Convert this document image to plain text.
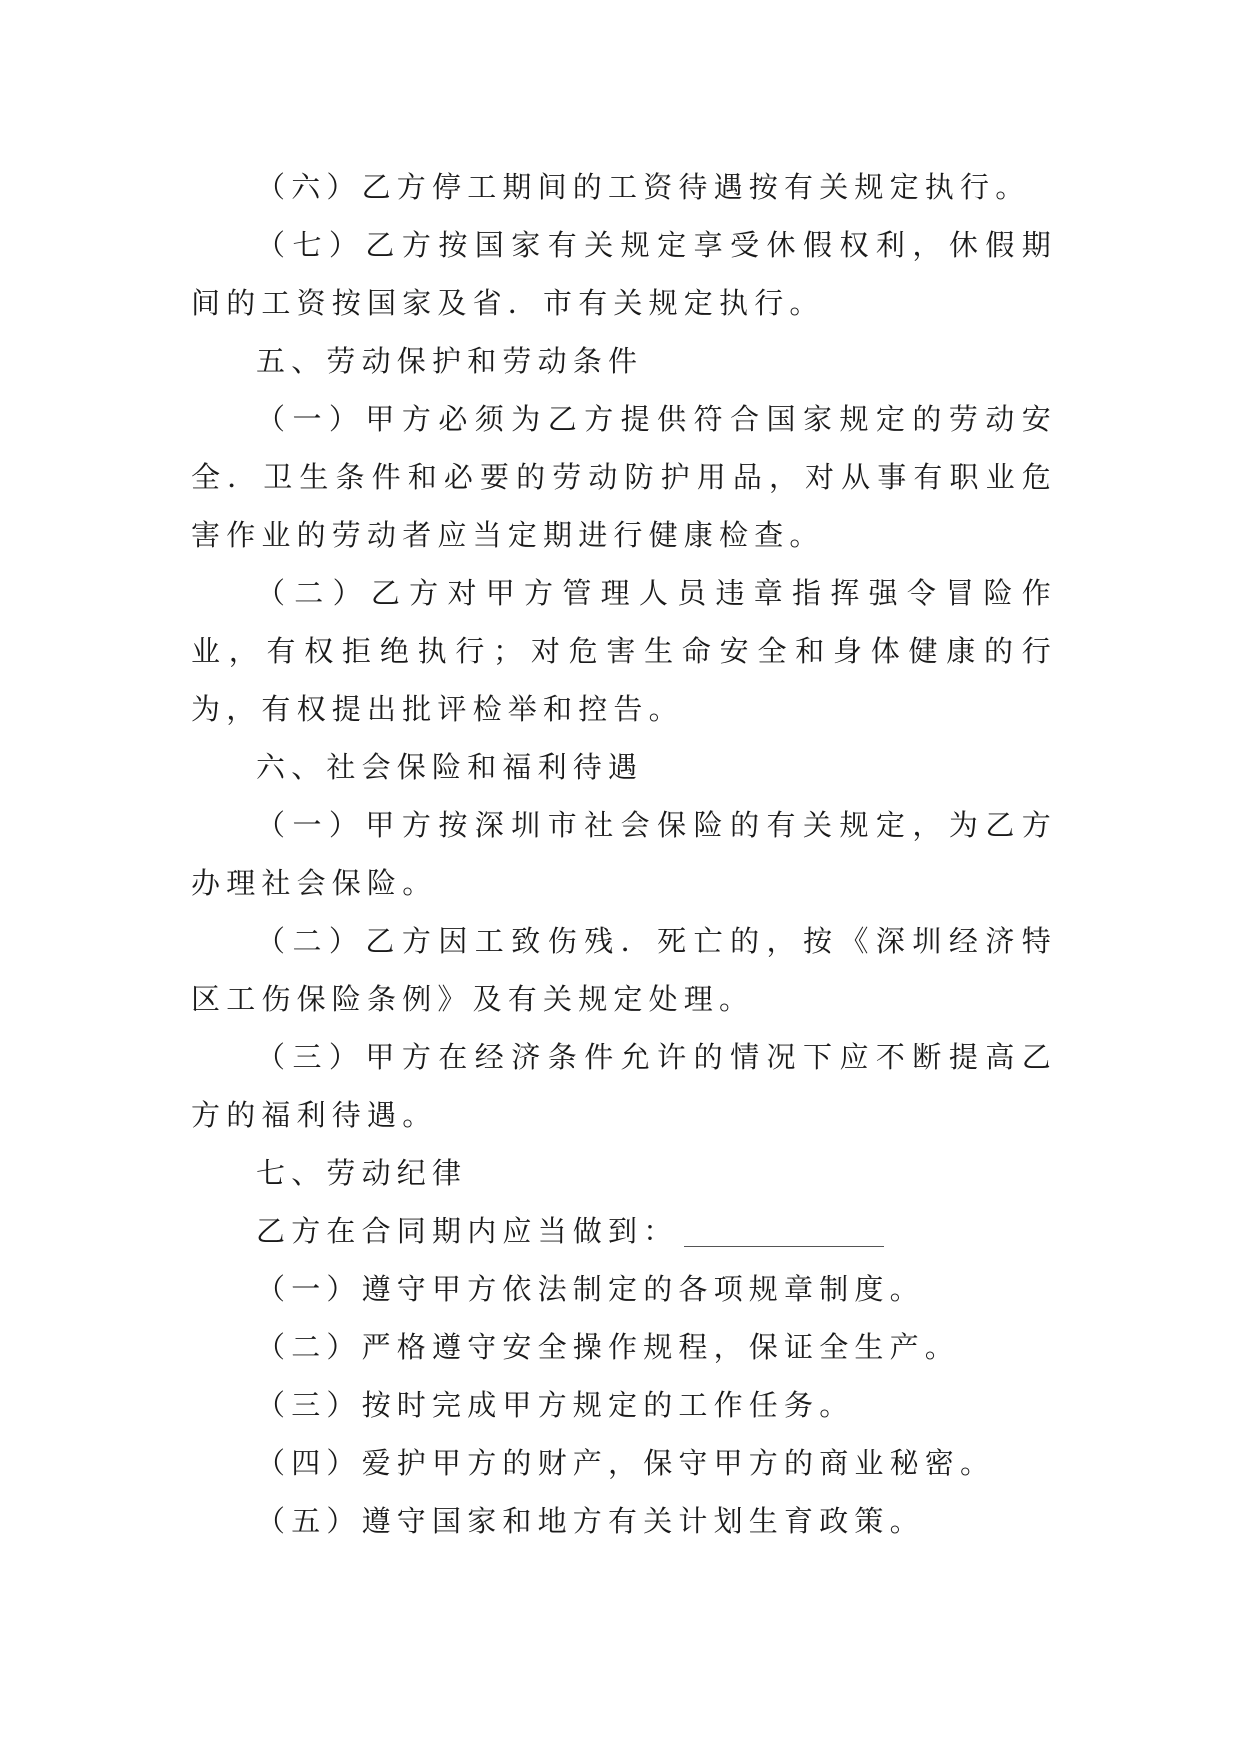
（六）乙方停工期间的工资待遇按有关规定执行。

（七）乙方按国家有关规定享受休假权利，休假期间的工资按国家及省．市有关规定执行。

五、劳动保护和劳动条件

（一）甲方必须为乙方提供符合国家规定的劳动安全．卫生条件和必要的劳动防护用品，对从事有职业危害作业的劳动者应当定期进行健康检查。

（二）乙方对甲方管理人员违章指挥强令冒险作业，有权拒绝执行；对危害生命安全和身体健康的行为，有权提出批评检举和控告。

六、社会保险和福利待遇

（一）甲方按深圳市社会保险的有关规定，为乙方办理社会保险。

（二）乙方因工致伤残．死亡的，按《深圳经济特区工伤保险条例》及有关规定处理。

（三）甲方在经济条件允许的情况下应不断提高乙方的福利待遇。

七、劳动纪律

乙方在合同期内应当做到：

（一）遵守甲方依法制定的各项规章制度。

（二）严格遵守安全操作规程，保证全生产。

（三）按时完成甲方规定的工作任务。

（四）爱护甲方的财产，保守甲方的商业秘密。

（五）遵守国家和地方有关计划生育政策。
